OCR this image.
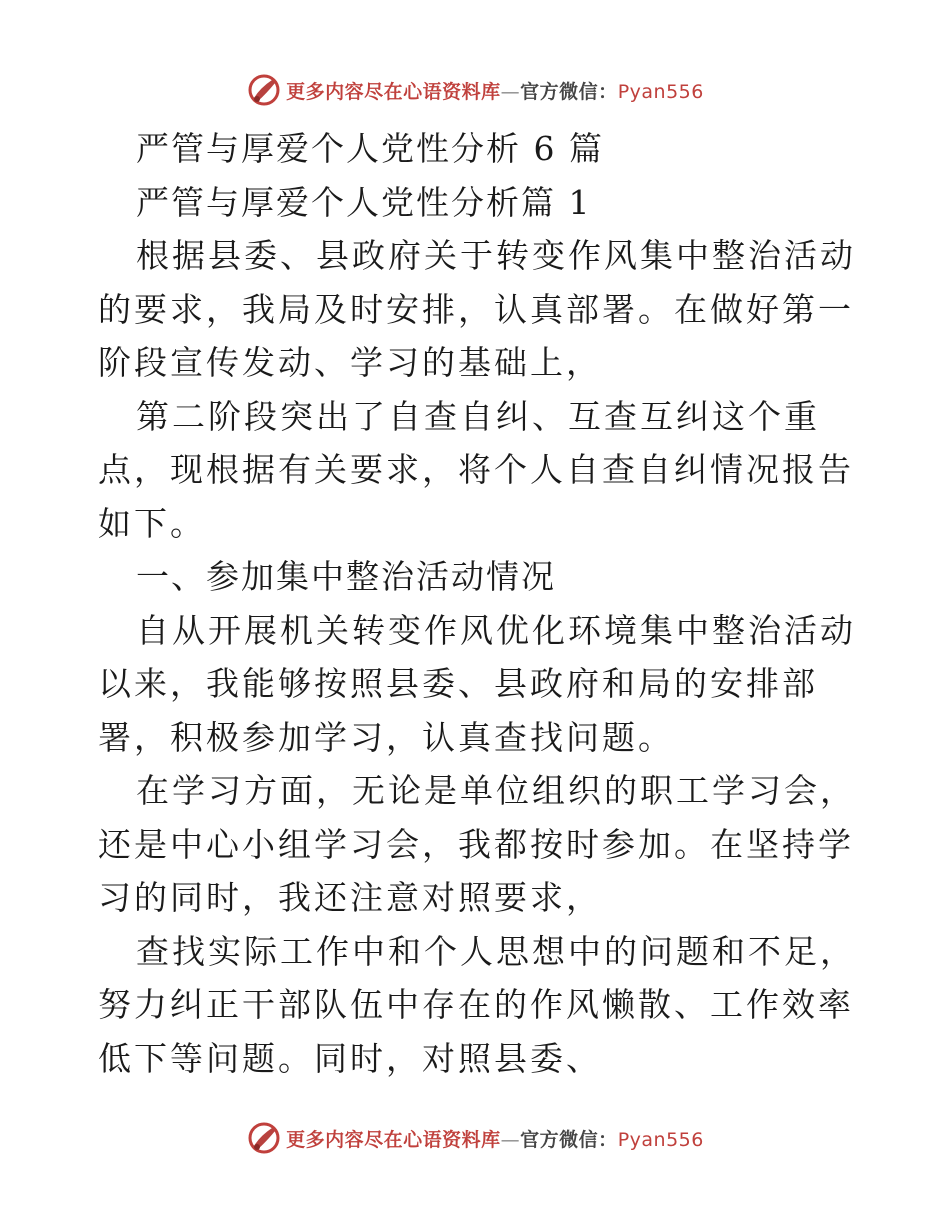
更多内容尽在心语资料库—官方微信：Pyan556

严管与厚爱个人党性分析 6 篇

严管与厚爱个人党性分析篇 1

根据县委、县政府关于转变作风集中整治活动的要求，我局及时安排，认真部署。在做好第一阶段宣传发动、学习的基础上，

第二阶段突出了自查自纠、互查互纠这个重点，现根据有关要求，将个人自查自纠情况报告如下。

一、参加集中整治活动情况

自从开展机关转变作风优化环境集中整治活动以来，我能够按照县委、县政府和局的安排部署，积极参加学习，认真查找问题。

在学习方面，无论是单位组织的职工学习会，还是中心小组学习会，我都按时参加。在坚持学习的同时，我还注意对照要求，

查找实际工作中和个人思想中的问题和不足，努力纠正干部队伍中存在的作风懒散、工作效率低下等问题。同时，对照县委、

更多内容尽在心语资料库—官方微信：Pyan556
